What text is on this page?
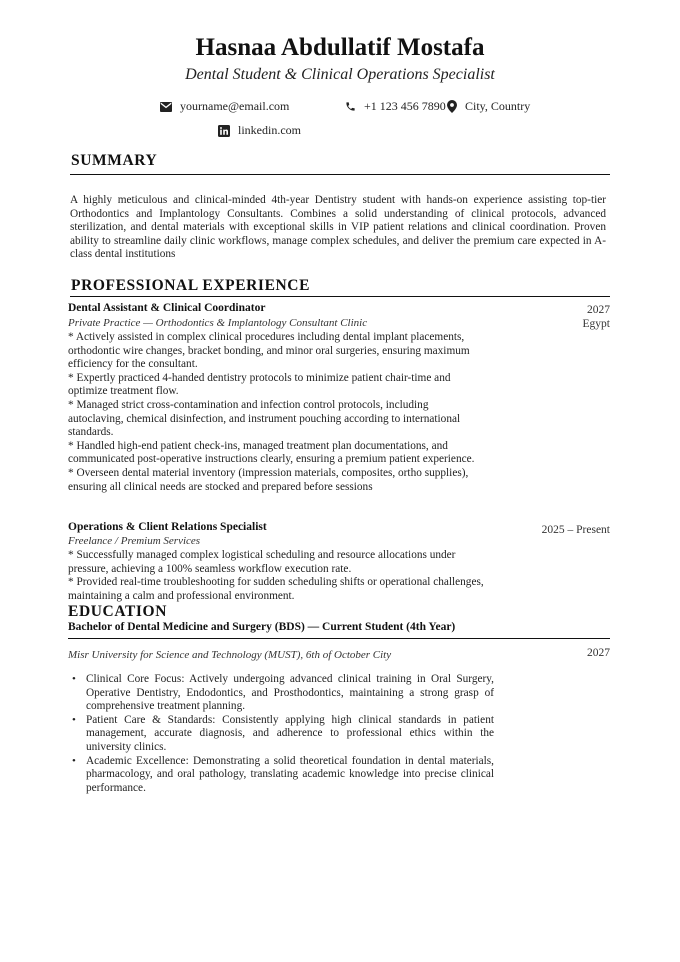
Hasnaa Abdullatif Mostafa
Dental Student & Clinical Operations Specialist
yourname@email.com	+1 123 456 7890 City, Country
linkedin.com
SUMMARY
A highly meticulous and clinical-minded 4th-year Dentistry student with hands-on experience assisting top-tier Orthodontics and Implantology Consultants. Combines a solid understanding of clinical protocols, advanced sterilization, and dental materials with exceptional skills in VIP patient relations and clinical coordination. Proven ability to streamline daily clinic workflows, manage complex schedules, and deliver the premium care expected in A-class dental institutions
PROFESSIONAL EXPERIENCE
Dental Assistant & Clinical Coordinator	2027
Private Practice — Orthodontics & Implantology Consultant Clinic	Egypt
* Actively assisted in complex clinical procedures including dental implant placements, orthodontic wire changes, bracket bonding, and minor oral surgeries, ensuring maximum efficiency for the consultant.
* Expertly practiced 4-handed dentistry protocols to minimize patient chair-time and optimize treatment flow.
* Managed strict cross-contamination and infection control protocols, including autoclaving, chemical disinfection, and instrument pouching according to international standards.
* Handled high-end patient check-ins, managed treatment plan documentations, and communicated post-operative instructions clearly, ensuring a premium patient experience.
* Overseen dental material inventory (impression materials, composites, ortho supplies), ensuring all clinical needs are stocked and prepared before sessions
Operations & Client Relations Specialist	2025 – Present
Freelance / Premium Services
* Successfully managed complex logistical scheduling and resource allocations under pressure, achieving a 100% seamless workflow execution rate.
* Provided real-time troubleshooting for sudden scheduling shifts or operational challenges, maintaining a calm and professional environment.
EDUCATION
Bachelor of Dental Medicine and Surgery (BDS) — Current Student (4th Year)
Misr University for Science and Technology (MUST), 6th of October City	2027
• Clinical Core Focus: Actively undergoing advanced clinical training in Oral Surgery, Operative Dentistry, Endodontics, and Prosthodontics, maintaining a strong grasp of comprehensive treatment planning.
• Patient Care & Standards: Consistently applying high clinical standards in patient management, accurate diagnosis, and adherence to professional ethics within the university clinics.
• Academic Excellence: Demonstrating a solid theoretical foundation in dental materials, pharmacology, and oral pathology, translating academic knowledge into precise clinical performance.
